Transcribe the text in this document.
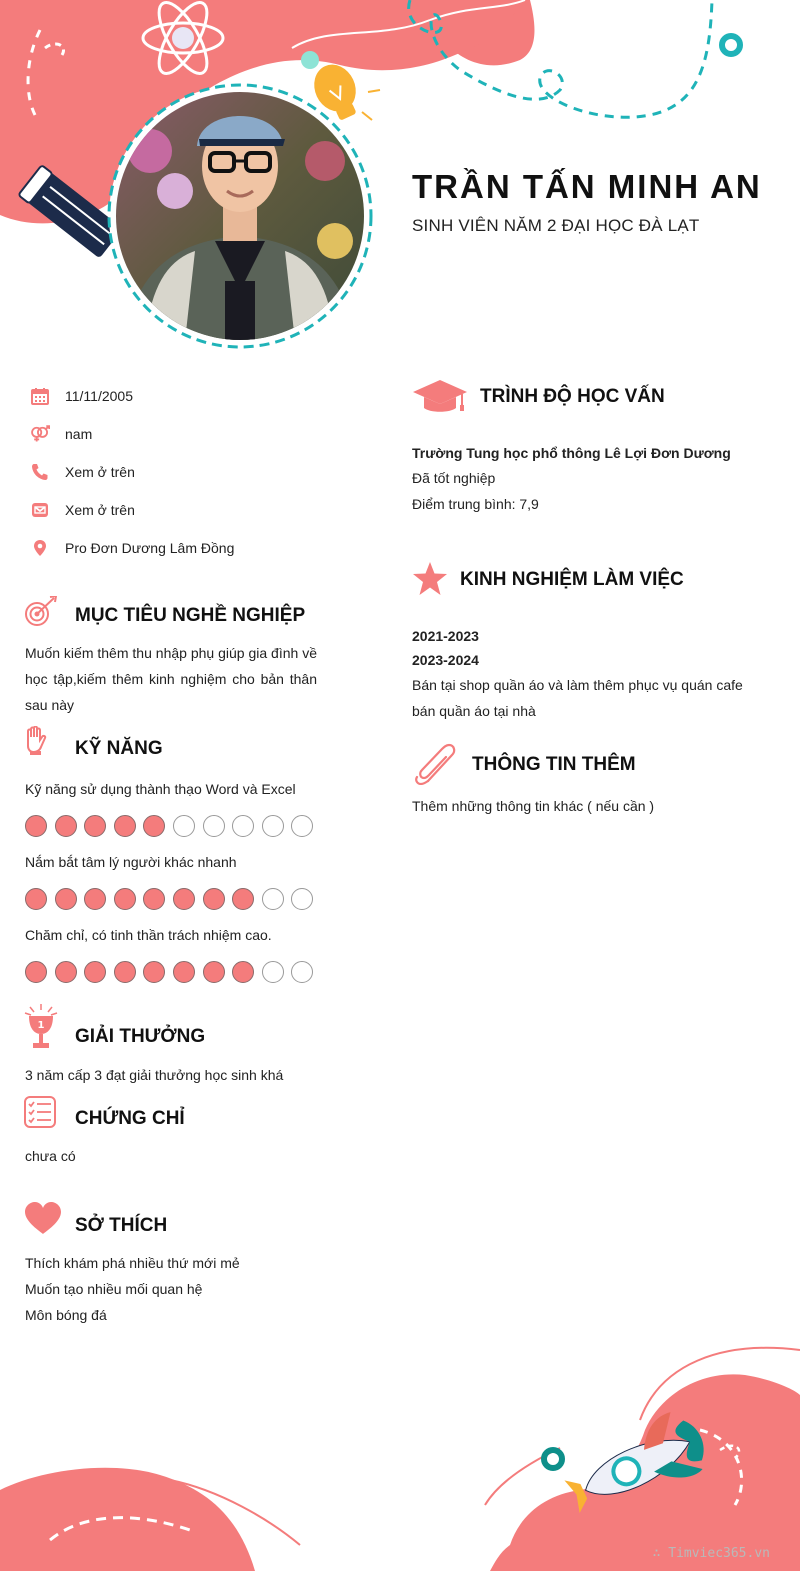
TRẦN TẤN MINH AN
SINH VIÊN NĂM 2 ĐẠI HỌC ĐÀ LẠT
11/11/2005
nam
Xem ở trên
Xem ở trên
Pro Đơn Dương Lâm Đồng
MỤC TIÊU NGHỀ NGHIỆP
Muốn kiếm thêm thu nhập phụ giúp gia đình về học tập,kiếm thêm kinh nghiệm cho bản thân sau này
KỸ NĂNG
Kỹ năng sử dụng thành thạo Word và Excel
Nắm bắt tâm lý người khác nhanh
Chăm chỉ, có tinh thần trách nhiệm cao.
1
GIẢI THƯỞNG
3 năm cấp 3 đạt giải thưởng học sinh khá
CHỨNG CHỈ
chưa có
SỞ THÍCH
Thích khám phá nhiều thứ mới mẻ
Muốn tạo nhiều mối quan hệ
Môn bóng đá
TRÌNH ĐỘ HỌC VẤN
Trường Tung học phổ thông Lê Lợi Đơn Dương
Đã tốt nghiệp
Điểm trung bình: 7,9
KINH NGHIỆM LÀM VIỆC
2021-2023
2023-2024
Bán tại shop quần áo và làm thêm phục vụ quán cafe
bán quần áo tại nhà
THÔNG TIN THÊM
Thêm những thông tin khác ( nếu cần )
∴ Timviec365.vn
